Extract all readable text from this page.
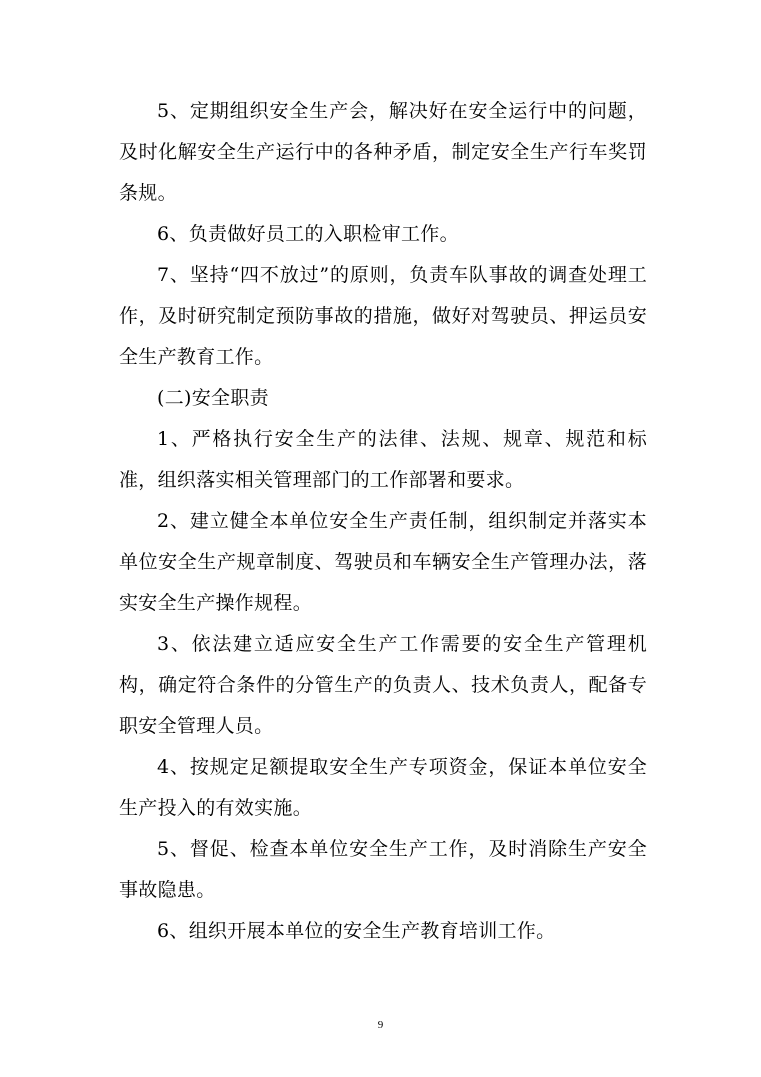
5、定期组织安全生产会，解决好在安全运行中的问题，及时化解安全生产运行中的各种矛盾，制定安全生产行车奖罚条规。

6、负责做好员工的入职检审工作。

7、坚持“四不放过”的原则，负责车队事故的调查处理工作，及时研究制定预防事故的措施，做好对驾驶员、押运员安全生产教育工作。

(二)安全职责

1、严格执行安全生产的法律、法规、规章、规范和标准，组织落实相关管理部门的工作部署和要求。

2、建立健全本单位安全生产责任制，组织制定并落实本单位安全生产规章制度、驾驶员和车辆安全生产管理办法，落实安全生产操作规程。

3、依法建立适应安全生产工作需要的安全生产管理机构，确定符合条件的分管生产的负责人、技术负责人，配备专职安全管理人员。

4、按规定足额提取安全生产专项资金，保证本单位安全生产投入的有效实施。

5、督促、检查本单位安全生产工作，及时消除生产安全事故隐患。

6、组织开展本单位的安全生产教育培训工作。

9
